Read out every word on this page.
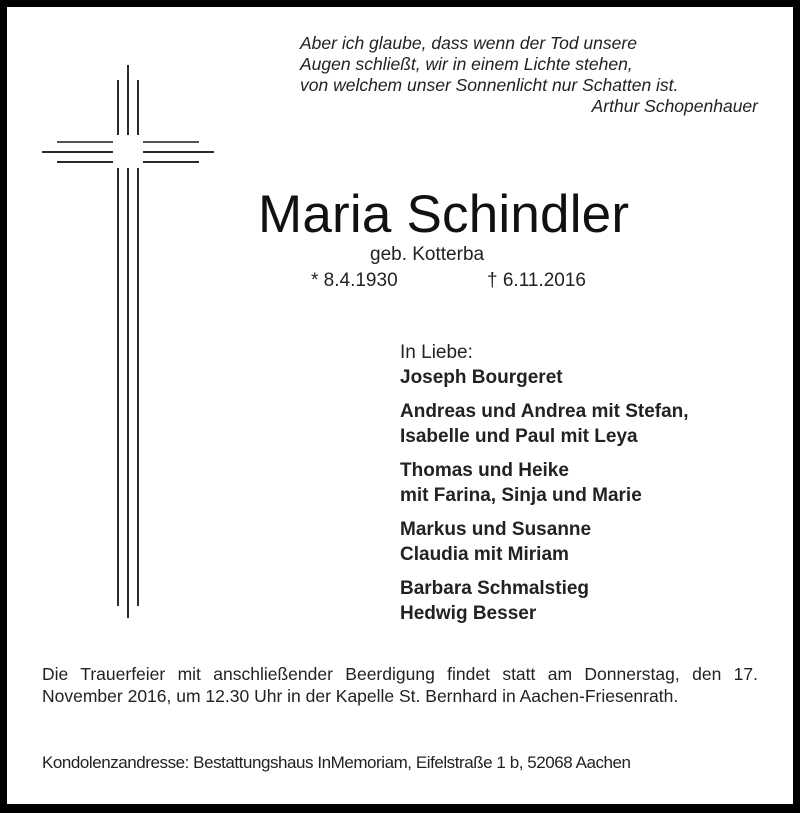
Aber ich glaube, dass wenn der Tod unsere
Augen schließt, wir in einem Lichte stehen,
von welchem unser Sonnenlicht nur Schatten ist.
Arthur Schopenhauer
Maria Schindler
geb. Kotterba
* 8.4.1930	† 6.11.2016
In Liebe:
Joseph Bourgeret
Andreas und Andrea mit Stefan,
Isabelle und Paul mit Leya
Thomas und Heike
mit Farina, Sinja und Marie
Markus und Susanne
Claudia mit Miriam
Barbara Schmalstieg
Hedwig Besser
Die Trauerfeier mit anschließender Beerdigung findet statt am Donnerstag, den 17. November 2016, um 12.30 Uhr in der Kapelle St. Bernhard in Aachen-Friesenrath.
Kondolenzandresse: Bestattungshaus InMemoriam, Eifelstraße 1 b, 52068 Aachen
